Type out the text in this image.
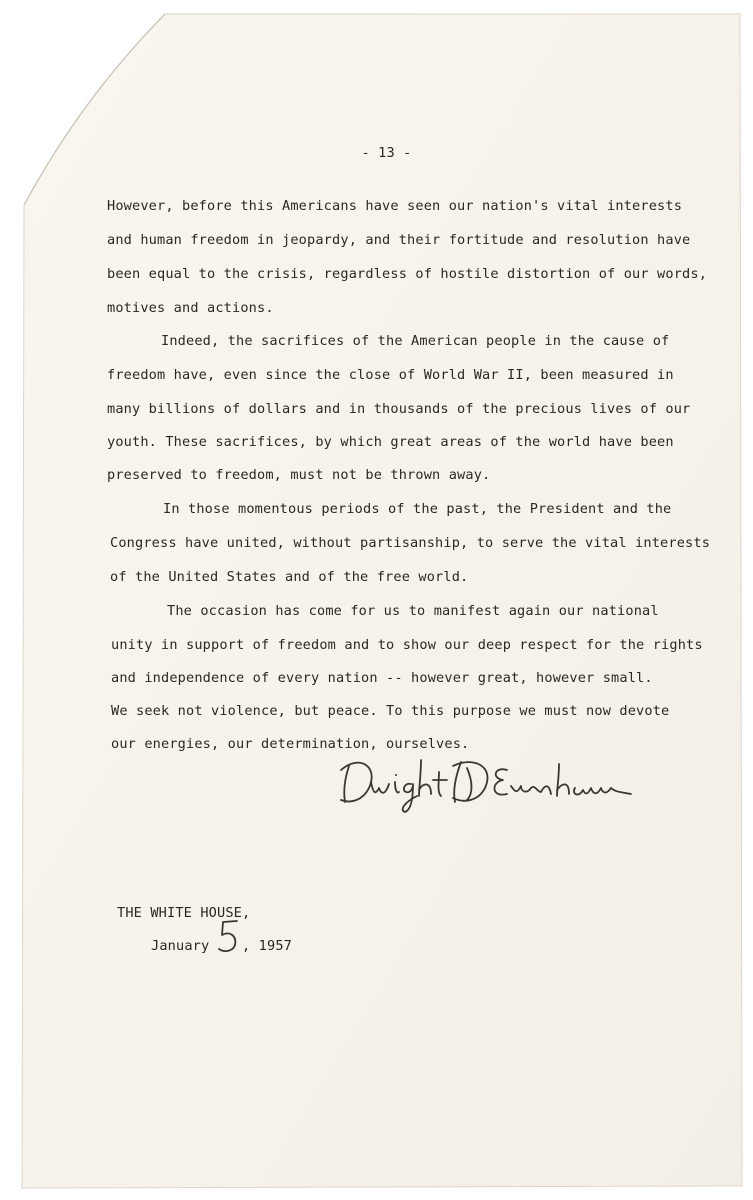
- 13 -
However, before this Americans have seen our nation's vital interests
and human freedom in jeopardy, and their fortitude and resolution have
been equal to the crisis, regardless of hostile distortion of our words,
motives and actions.
Indeed, the sacrifices of the American people in the cause of
freedom have, even since the close of World War II, been measured in
many billions of dollars and in thousands of the precious lives of our
youth. These sacrifices, by which great areas of the world have been
preserved to freedom, must not be thrown away.
In those momentous periods of the past, the President and the
Congress have united, without partisanship, to serve the vital interests
of the United States and of the free world.
The occasion has come for us to manifest again our national
unity in support of freedom and to show our deep respect for the rights
and independence of every nation -- however great, however small.
We seek not violence, but peace. To this purpose we must now devote
our energies, our determination, ourselves.
THE WHITE HOUSE,
January , 1957
